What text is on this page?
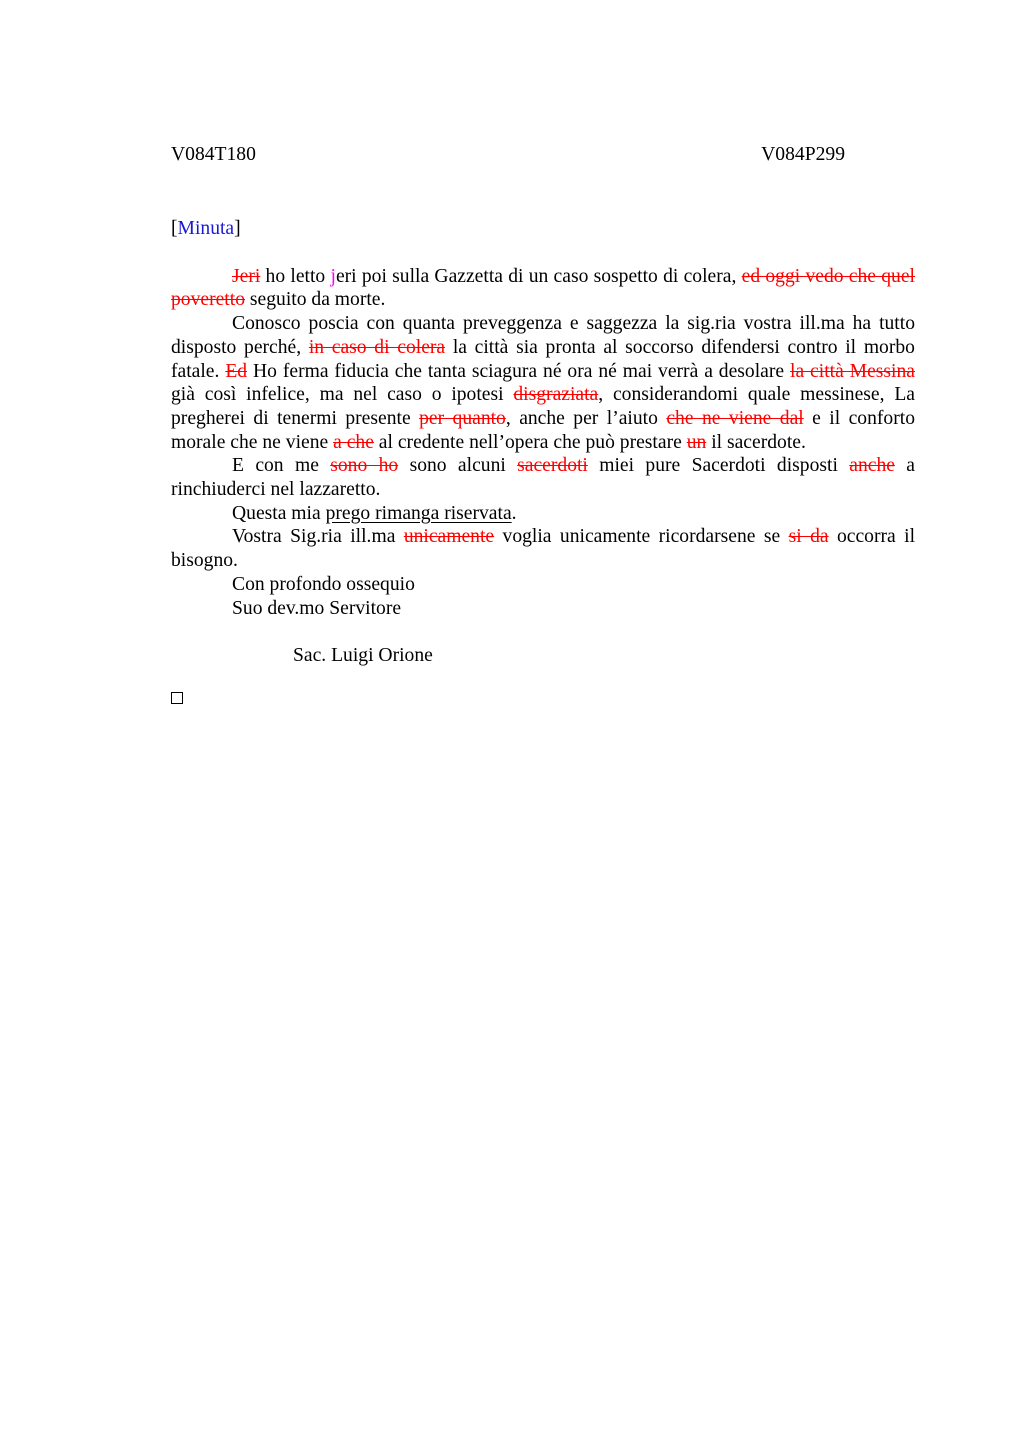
V084T180	V084P299
[Minuta]

Jeri ho letto jeri poi sulla Gazzetta di un caso sospetto di colera, ed oggi vedo che quel poveretto seguito da morte.

Conosco poscia con quanta preveggenza e saggezza la sig.ria vostra ill.ma ha tutto disposto perché, in caso di colera la città sia pronta al soccorso difendersi contro il morbo fatale. Ed Ho ferma fiducia che tanta sciagura né ora né mai verrà a desolare la città Messina già così infelice, ma nel caso o ipotesi disgraziata, considerandomi quale messinese, La pregherei di tenermi presente per quanto, anche per l’aiuto che ne viene dal e il conforto morale che ne viene a che al credente nell’opera che può prestare un il sacerdote.

E con me sono ho sono alcuni sacerdoti miei pure Sacerdoti disposti anche a rinchiuderci nel lazzaretto.

Questa mia prego rimanga riservata.

Vostra Sig.ria ill.ma unicamente voglia unicamente ricordarsene se si da occorra il bisogno.

Con profondo ossequio

Suo dev.mo Servitore

Sac. Luigi Orione
